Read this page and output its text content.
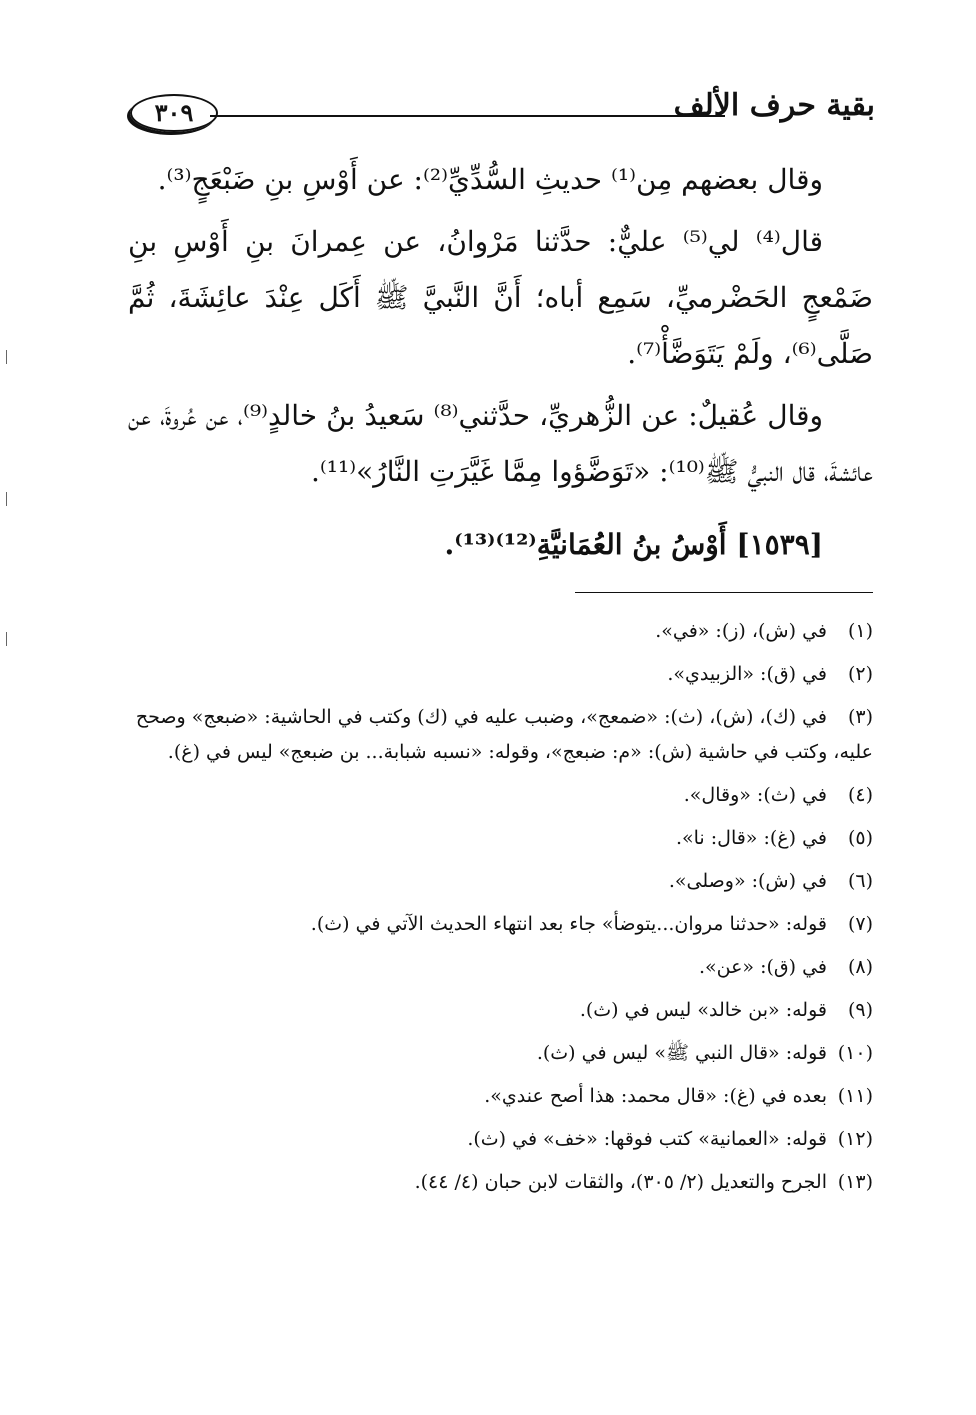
بقية حرف الألف
٣٠٩

وقال بعضهم مِن⁽¹⁾ حديثِ السُّدِّيِّ⁽²⁾: عن أَوْسِ بنِ ضَبْعَجٍ⁽³⁾.

قال⁽⁴⁾ لي⁽⁵⁾ عليٌّ: حدَّثنا مَرْوانُ، عن عِمرانَ بنِ أَوْسِ بنِ ضَمْعجٍ الحَضْرميِّ، سَمِع أباه؛ أَنَّ النَّبيَّ ﷺ أَكَل عِنْدَ عائِشَةَ، ثُمَّ صَلَّى⁽⁶⁾، ولَمْ يَتَوَضَّأْ⁽⁷⁾.

وقال عُقيلٌ: عن الزُّهريِّ، حدَّثني⁽⁸⁾ سَعيدُ بنُ خالدٍ⁽⁹⁾، عن عُروةَ، عن عائشةَ، قال النبيُّ ﷺ⁽¹⁰⁾: «تَوَضَّؤوا مِمَّا غَيَّرَتِ النَّارُ»⁽¹¹⁾.

[١٥٣٩] أَوْسُ بنُ العُمَانيَّةِ⁽¹²⁾⁽¹³⁾.

(١)في (ش)، (ز): «في».
(٢)في (ق): «الزبيدي».
(٣)في (ك)، (ش)، (ث): «ضمعج»، وضبب عليه في (ك) وكتب في الحاشية: «ضبعج» وصحح عليه، وكتب في حاشية (ش): «م: ضبعج»، وقوله: «نسبه شبابة... بن ضبعج» ليس في (غ).
(٤)في (ث): «وقال».
(٥)في (غ): «قال: نا».
(٦)في (ش): «وصلى».
(٧)قوله: «حدثنا مروان...يتوضأ» جاء بعد انتهاء الحديث الآتي في (ث).
(٨)في (ق): «عن».
(٩)قوله: «بن خالد» ليس في (ث).
(١٠)قوله: «قال النبي ﷺ» ليس في (ث).
(١١)بعده في (غ): «قال محمد: هذا أصح عندي».
(١٢)قوله: «العمانية» كتب فوقها: «خف» في (ث).
(١٣)الجرح والتعديل (٢/ ٣٠٥)، والثقات لابن حبان (٤/ ٤٤).
